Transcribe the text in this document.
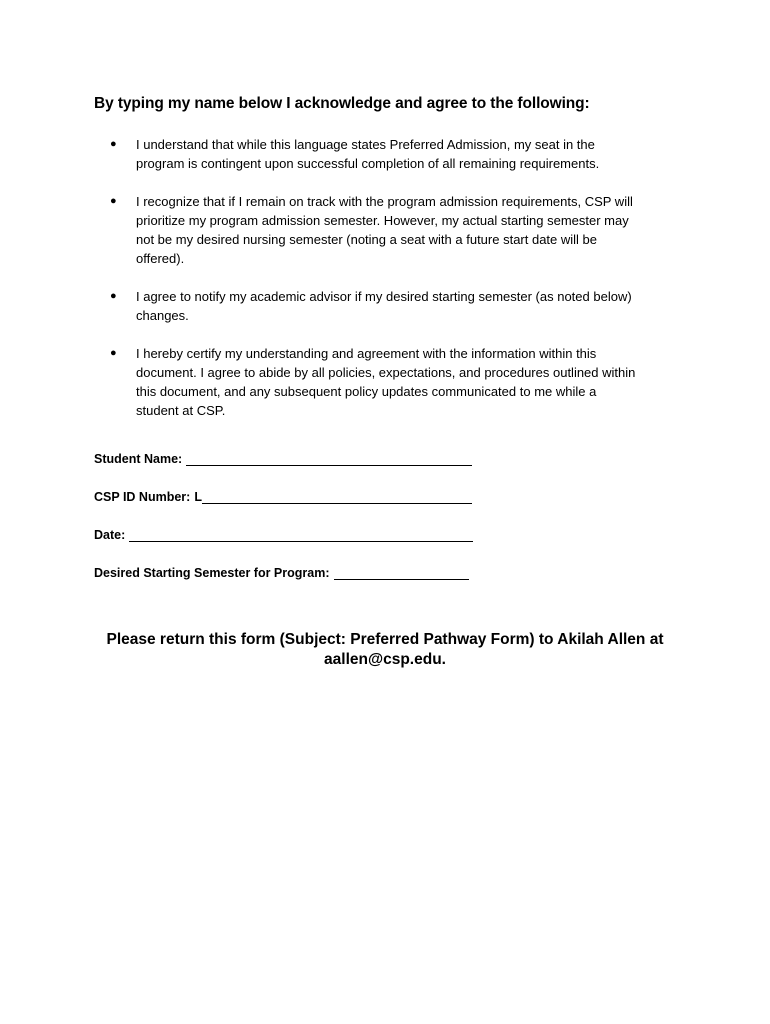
By typing my name below I acknowledge and agree to the following:
●	I understand that while this language states Preferred Admission, my seat in the
program is contingent upon successful completion of all remaining requirements.
●	I recognize that if I remain on track with the program admission requirements, CSP will
prioritize my program admission semester. However, my actual starting semester may
not be my desired nursing semester (noting a seat with a future start date will be
offered).
●	I agree to notify my academic advisor if my desired starting semester (as noted below)
changes.
●	I hereby certify my understanding and agreement with the information within this
document. I agree to abide by all policies, expectations, and procedures outlined within
this document, and any subsequent policy updates communicated to me while a
student at CSP.
Student Name:
CSP ID Number: L
Date:
Desired Starting Semester for Program:
Please return this form (Subject: Preferred Pathway Form) to Akilah Allen at
aallen@csp.edu.
